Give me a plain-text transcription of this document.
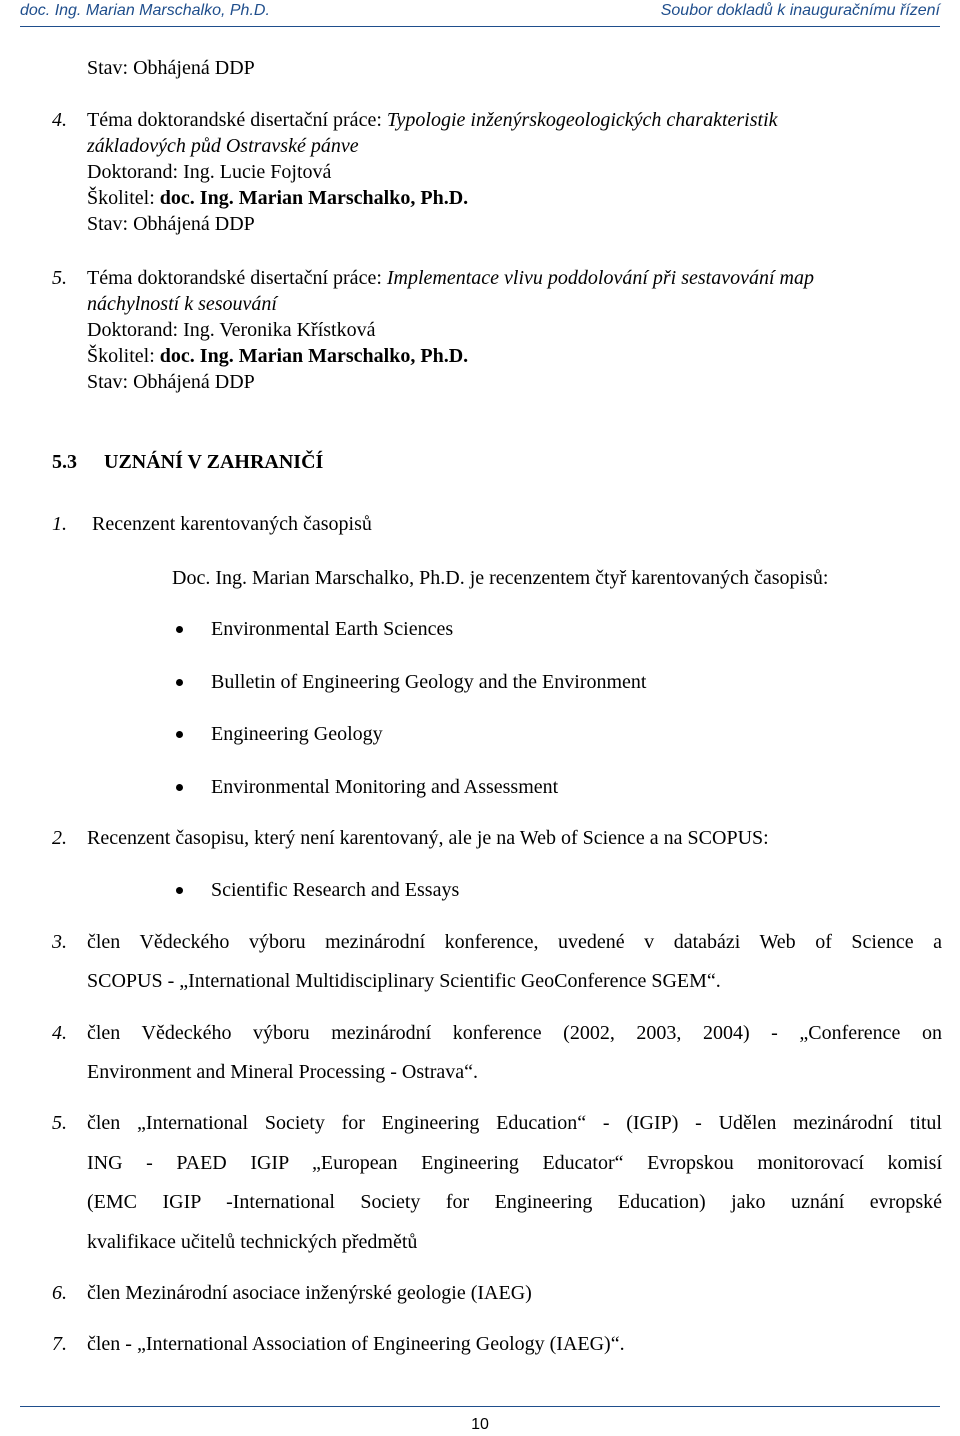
doc. Ing. Marian Marschalko, Ph.D.	Soubor dokladů k inauguračnímu řízení
Stav: Obhájená DDP
4. Téma doktorandské disertační práce: Typologie inženýrskogeologických charakteristik
základových půd Ostravské pánve
Doktorand: Ing. Lucie Fojtová
Školitel: doc. Ing. Marian Marschalko, Ph.D.
Stav: Obhájená DDP
5. Téma doktorandské disertační práce: Implementace vlivu poddolování při sestavování map
náchylností k sesouvání
Doktorand: Ing. Veronika Křístková
Školitel: doc. Ing. Marian Marschalko, Ph.D.
Stav: Obhájená DDP
5.3 UZNÁNÍ V ZAHRANIČÍ
1. Recenzent karentovaných časopisů
Doc. Ing. Marian Marschalko, Ph.D. je recenzentem čtyř karentovaných časopisů:
Environmental Earth Sciences
Bulletin of Engineering Geology and the Environment
Engineering Geology
Environmental Monitoring and Assessment
2. Recenzent časopisu, který není karentovaný, ale je na Web of Science a na SCOPUS:
Scientific Research and Essays
3. člen Vědeckého výboru mezinárodní konference, uvedené v databázi Web of Science a
SCOPUS - „International Multidisciplinary Scientific GeoConference SGEM“.
4. člen Vědeckého výboru mezinárodní konference (2002, 2003, 2004) - „Conference on
Environment and Mineral Processing - Ostrava“.
5. člen „International Society for Engineering Education“ - (IGIP) - Udělen mezinárodní titul
ING - PAED IGIP „European Engineering Educator“ Evropskou monitorovací komisí
(EMC IGIP -International Society for Engineering Education) jako uznání evropské
kvalifikace učitelů technických předmětů
6. člen Mezinárodní asociace inženýrské geologie (IAEG)
7. člen - „International Association of Engineering Geology (IAEG)“.
10
